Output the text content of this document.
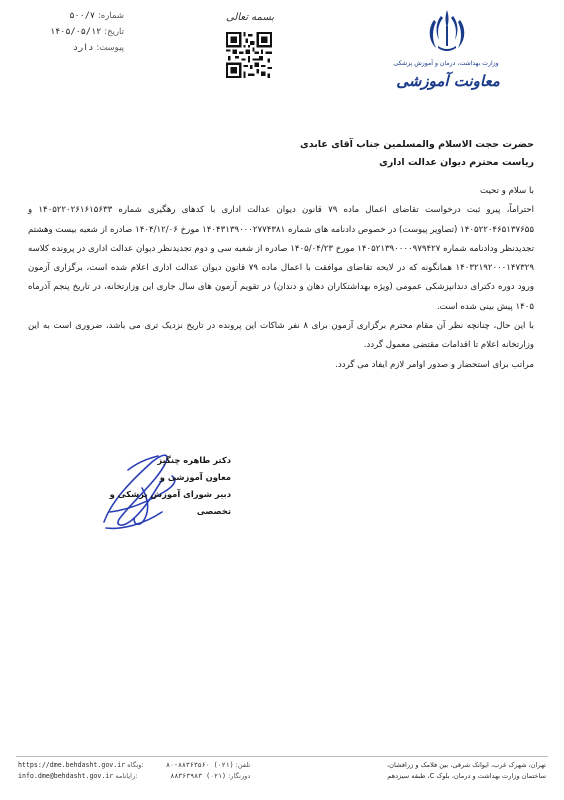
شماره:
۵۰۰/۷
تاریخ:
۱۴۰۵/۰۵/۱۲
پیوست:
دارد
بسمه تعالی
وزارت بهداشت، درمان و آموزش پزشکی
معاونت آموزشی
حضرت حجت الاسلام والمسلمین جناب آقای عابدی
ریاست محترم دیوان عدالت اداری

با سلام و تحیت

احتراماً، پیرو ثبت درخواست تقاضای اعمال ماده ۷۹ قانون دیوان عدالت اداری با کدهای رهگیری شماره ۱۴۰۵۲۲۰۲۶۱۶۱۵۶۳۳ و ۱۴۰۵۲۲۰۴۶۵۱۳۷۶۵۵ (تصاویر پیوست) در خصوص دادنامه های شماره ۱۴۰۴۳۱۳۹۰۰۰۲۷۷۴۳۸۱ مورخ ۱۴۰۴/۱۲/۰۶ صادره از شعبه بیست وهشتم تجدیدنظر ودادنامه شماره ۱۴۰۵۲۱۳۹۰۰۰۰۹۷۹۴۲۷ مورخ ۱۴۰۵/۰۴/۲۳ صادره از شعبه سی و دوم تجدیدنظر دیوان عدالت اداری در پرونده کلاسه ۱۴۰۳۲۱۹۲۰۰۰۱۴۷۳۲۹ همانگونه که در لایحه تقاضای موافقت با اعمال ماده ۷۹ قانون دیوان عدالت اداری اعلام شده است، برگزاری آزمون ورود دوره دکترای دندانپزشکی عمومی (ویژه بهداشتکاران دهان و دندان) در تقویم آزمون های سال جاری این وزارتخانه، در تاریخ پنجم آذرماه ۱۴۰۵ پیش بینی شده است.

با این حال، چنانچه نظر آن مقام محترم برگزاری آزمون برای ۸ نفر شاکات این پرونده در تاریخ نزدیک تری می باشد، ضروری است به این وزارتخانه اعلام تا اقدامات مقتضی معمول گردد.

مراتب برای استحضار و صدور اوامر لازم ایفاد می گردد.

دکتر طاهره چنگیز
معاون آموزشی و
دبیر شورای آموزش پزشکی و تخصصی
تهران، شهرک غرب، ایوانک شرقی، بین فلامک و زرافشان،
ساختمان وزارت بهداشت و درمان، بلوک C، طبقه سیزدهم
تلفن: (۰۲۱) ۸۸۳۶۳۵۶۰-۸۰
دورنگار: (۰۲۱) ۸۸۳۶۳۹۸۳
https://dme.behdasht.gov.ir وبگاه:
info.dme@behdasht.gov.ir رایانامه:
